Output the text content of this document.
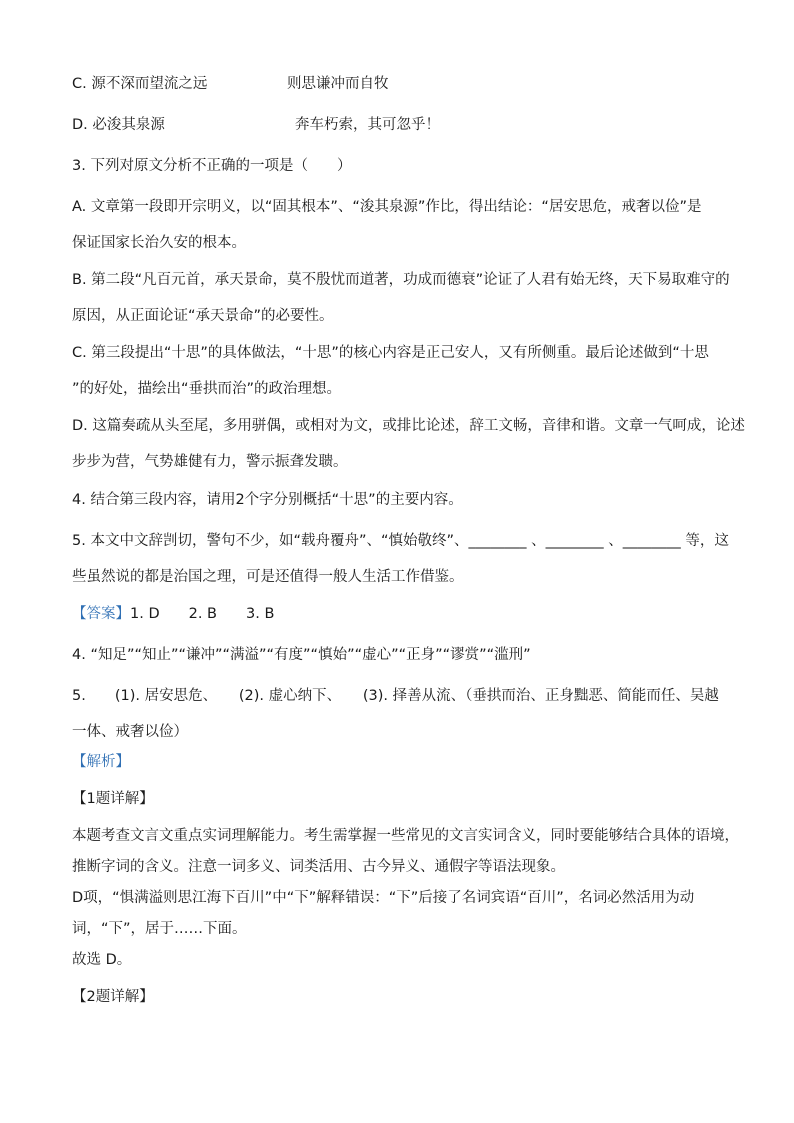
C. 源不深而望流之远	则思谦冲而自牧
D. 必浚其泉源	奔车朽索，其可忽乎！
3. 下列对原文分析不正确的一项是（　　）
A. 文章第一段即开宗明义，以“固其根本”、“浚其泉源”作比，得出结论：“居安思危，戒奢以俭”是
保证国家长治久安的根本。
B. 第二段“凡百元首，承天景命，莫不殷忧而道著，功成而德衰”论证了人君有始无终，天下易取难守的
原因，从正面论证“承天景命”的必要性。
C. 第三段提出“十思”的具体做法，“十思”的核心内容是正己安人，又有所侧重。最后论述做到“十思
”的好处，描绘出“垂拱而治”的政治理想。
D. 这篇奏疏从头至尾，多用骈偶，或相对为文，或排比论述，辞工文畅，音律和谐。文章一气呵成，论述
步步为营，气势雄健有力，警示振聋发聩。
4. 结合第三段内容，请用2个字分别概括“十思”的主要内容。
5. 本文中文辞剀切，警句不少，如“载舟覆舟”、“慎始敬终”、________ 、________ 、________ 等，这
些虽然说的都是治国之理，可是还值得一般人生活工作借鉴。
【答案】1. D　　2. B　　3. B
4. “知足”“知止”“谦冲”“满溢”“有度”“慎始”“虚心”“正身”“谬赏”“滥刑”
5.　　(1). 居安思危、　　(2). 虚心纳下、　　(3). 择善从流、（垂拱而治、正身黜恶、简能而任、吴越
一体、戒奢以俭）
【解析】
【1题详解】
本题考查文言文重点实词理解能力。考生需掌握一些常见的文言实词含义，同时要能够结合具体的语境，
推断字词的含义。注意一词多义、词类活用、古今异义、通假字等语法现象。
D项，“惧满溢则思江海下百川”中“下”解释错误：“下”后接了名词宾语“百川”，名词必然活用为动
词，“下”，居于……下面。
故选 D。
【2题详解】
